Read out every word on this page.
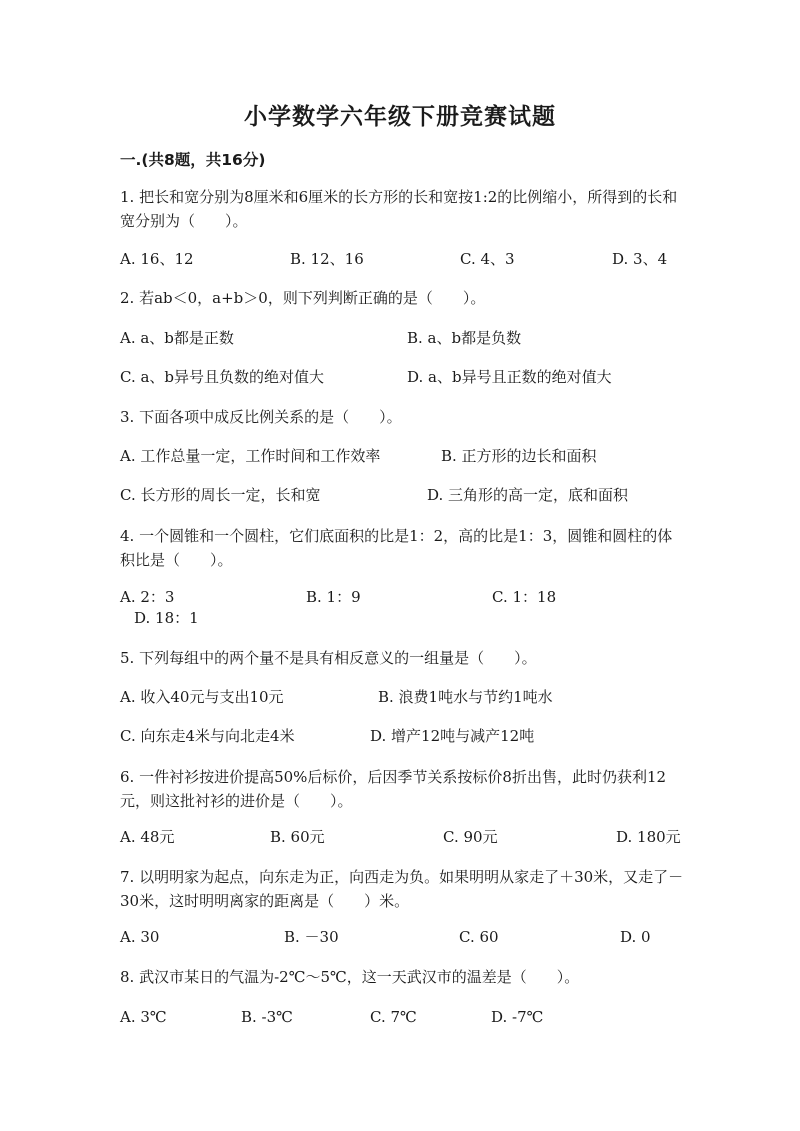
小学数学六年级下册竞赛试题
一.(共8题，共16分)
1. 把长和宽分别为8厘米和6厘米的长方形的长和宽按1:2的比例缩小，所得到的长和宽分别为（　　）。
A. 16、12	B. 12、16	C. 4、3	D. 3、4
2. 若ab＜0，a+b＞0，则下列判断正确的是（　　）。
A. a、b都是正数	B. a、b都是负数
C. a、b异号且负数的绝对值大	D. a、b异号且正数的绝对值大
3. 下面各项中成反比例关系的是（　　）。
A. 工作总量一定，工作时间和工作效率	B. 正方形的边长和面积
C. 长方形的周长一定，长和宽	D. 三角形的高一定，底和面积
4. 一个圆锥和一个圆柱，它们底面积的比是1：2，高的比是1：3，圆锥和圆柱的体积比是（　　）。
A. 2：3	B. 1：9	C. 1：18
D. 18：1
5. 下列每组中的两个量不是具有相反意义的一组量是（　　）。
A. 收入40元与支出10元	B. 浪费1吨水与节约1吨水
C. 向东走4米与向北走4米	D. 增产12吨与减产12吨
6. 一件衬衫按进价提高50%后标价，后因季节关系按标价8折出售，此时仍获利12元，则这批衬衫的进价是（　　）。
A. 48元	B. 60元	C. 90元	D. 180元
7. 以明明家为起点，向东走为正，向西走为负。如果明明从家走了＋30米，又走了－30米，这时明明离家的距离是（　　）米。
A. 30	B. －30	C. 60	D. 0
8. 武汉市某日的气温为-2℃～5℃，这一天武汉市的温差是（　　）。
A. 3℃	B. -3℃	C. 7℃	D. -7℃
